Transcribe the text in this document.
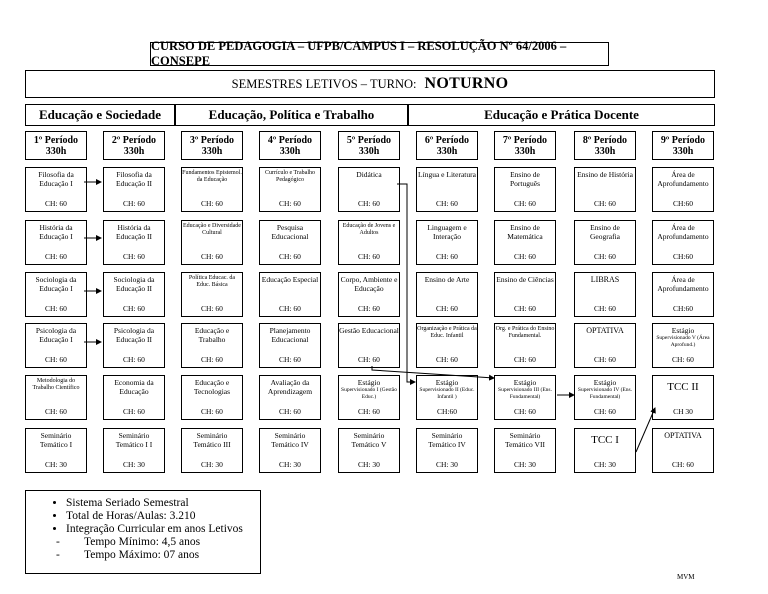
CURSO DE PEDAGOGIA – UFPB/CAMPUS I – RESOLUÇÃO Nº 64/2006 – CONSEPE
SEMESTRES LETIVOS – TURNO: NOTURNO
Educação e Sociedade	Educação, Política e Trabalho	Educação e Prática Docente
1º Período
330h
Filosofia da Educação I
CH: 60
História da Educação I
CH: 60
Sociologia da Educação I
CH: 60
Psicologia da Educação I
CH: 60
Metodologia do Trabalho Científico
CH: 60
Seminário Temático I
CH: 30
2º Período
330h
Filosofia da Educação II
CH: 60
História da Educação II
CH: 60
Sociologia da Educação II
CH: 60
Psicologia da Educação II
CH: 60
Economia da Educação
CH: 60
Seminário Temático I I
CH: 30
3º Período
330h
Fundamentos Epistemol. da Educação
CH: 60
Educação e Diversidade Cultural
CH: 60
Política Educac. da Educ. Básica
CH: 60
Educação e Trabalho
CH: 60
Educação e Tecnologias
CH: 60
Seminário Temático III
CH: 30
4º Período
330h
Currículo e Trabalho Pedagógico
CH: 60
Pesquisa Educacional
CH: 60
Educação Especial
CH: 60
Planejamento Educacional
CH: 60
Avaliação da Aprendizagem
CH: 60
Seminário Temático IV
CH: 30
5º Período
330h
Didática
CH: 60
Educação de Jovens e Adultos
CH: 60
Corpo, Ambiente e Educação
CH: 60
Gestão Educacional
CH: 60
Estágio
Supervisionado I (Gestão Educ.)
CH: 60
Seminário Temático V
CH: 30
6º Período
330h
Língua e Literatura
CH: 60
Linguagem e Interação
CH: 60
Ensino de Arte
CH: 60
Organização e Prática da Educ. Infantil
CH: 60
Estágio
Supervisionado II (Educ. Infantil )
CH:60
Seminário Temático IV
CH: 30
7º Período
330h
Ensino de Português
CH: 60
Ensino de Matemática
CH: 60
Ensino de Ciências
CH: 60
Org. e Prática do Ensino Fundamental.
CH: 60
Estágio
Supervisionado III (Ens. Fundamental)
CH: 60
Seminário Temático VII
CH: 30
8º Período
330h
Ensino de História
CH: 60
Ensino de Geografia
CH: 60
LIBRAS
CH: 60
OPTATIVA
CH: 60
Estágio
Supervisionado IV (Ens. Fundamental)
CH: 60
TCC I
CH: 30
9º Período
330h
Área de Aprofundamento
CH:60
Área de Aprofundamento
CH:60
Área de Aprofundamento
CH:60
Estágio
Supervisionado V (Área Aprofund.)
CH: 60
TCC II
CH 30
OPTATIVA
CH: 60
• Sistema Seriado Semestral
• Total de Horas/Aulas: 3.210
• Integração Curricular em anos Letivos
- Tempo Mínimo: 4,5 anos
- Tempo Máximo: 07 anos
MVM
